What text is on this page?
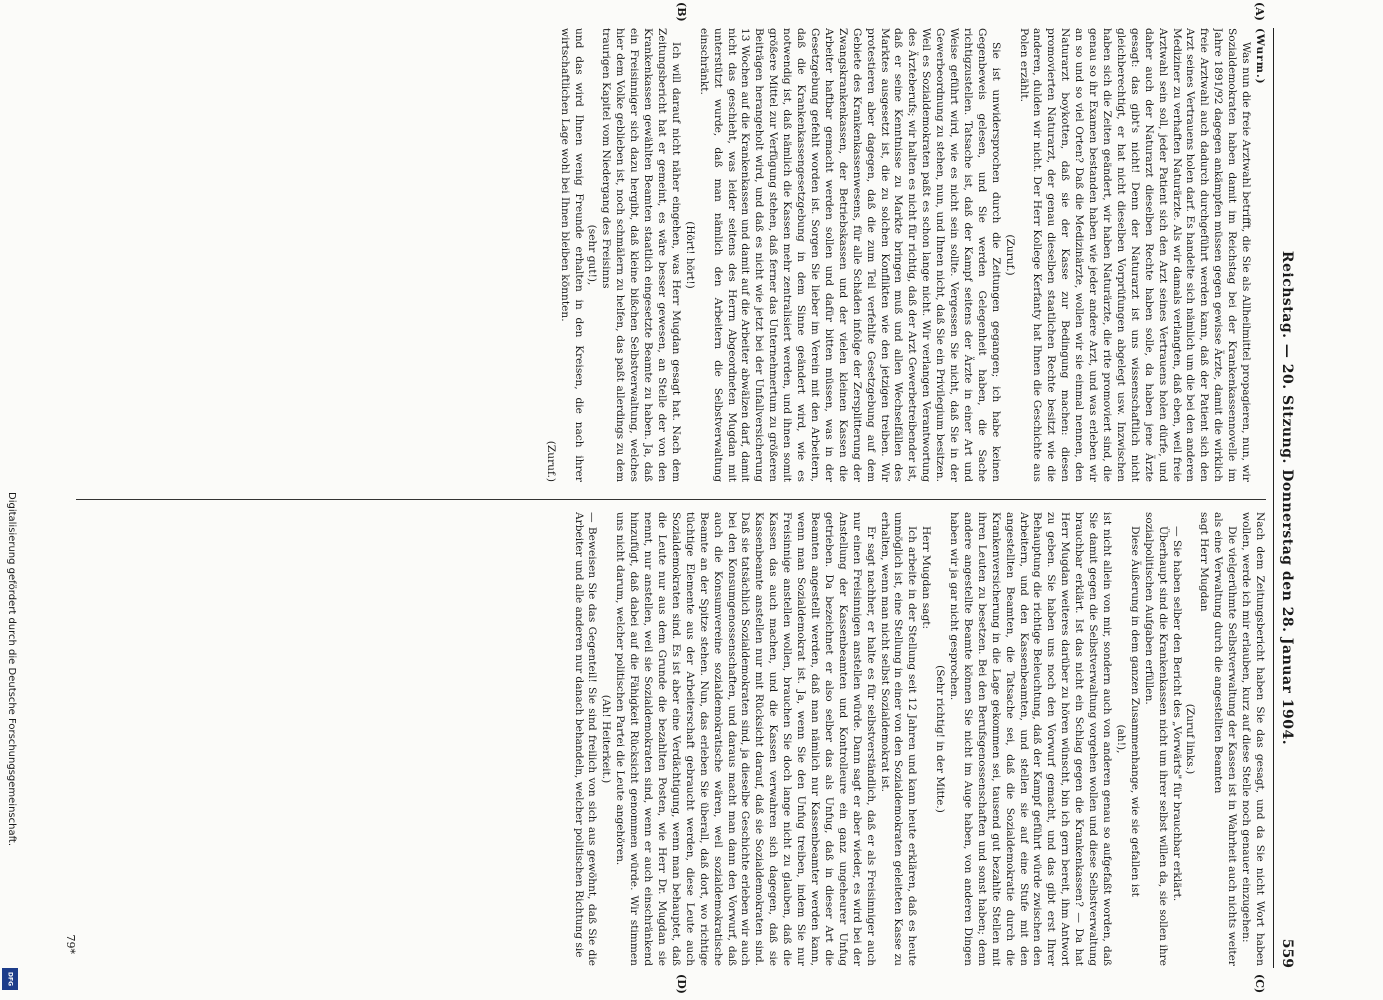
Digitalisierung gefördert durch die Deutsche Forschungsgemeinschaft.
DFG
Reichstag. — 20. Sitzung. Donnerstag den 28. Januar 1904.
559

(Wurm.)

Was nun die freie Arztwahl betrifft, die Sie als Allheilmittel propagieren, nun, wir Sozialdemokraten haben damit im Reichstag bei der Krankenkassennovelle im Jahre 1891/92 dagegen ankämpfen müssen gegen gewisse Ärzte, damit die wirklich freie Arztwahl auch dadurch durchgeführt werden kann, daß der Patient sich den Arzt seines Vertrauens holen darf. Es handelte sich nämlich um die bei den anderen Mediziner zu verhaften Naturärzte. Als wir damals verlangten, daß eben, weil freie Arztwahl sein soll, jeder Patient sich den Arzt seines Vertrauens holen dürfe, und daher auch der Naturarzt dieselben Rechte haben solle, da haben jene Ärzte gesagt: das gibt's nicht! Denn der Naturarzt ist uns wissenschaftlich nicht gleichberechtigt, er hat nicht dieselben Vorprüfungen abgelegt usw. Inzwischen haben sich die Zeiten geändert, wir haben Naturärzte, die rite promoviert sind, die genau so ihr Examen bestanden haben wie jeder andere Arzt, und was erleben wir an so und so viel Orten? Daß die Medizinärzte, wollen wir sie einmal nennen, den Naturarzt boykotten, daß sie der Kasse zur Bedingung machen: diesen promovierten Naturarzt, der genau dieselben staatlichen Rechte besitzt wie die anderen, dulden wir nicht. Der Herr Kollege Kerfanty hat Ihnen die Geschichte aus Polen erzählt.

(Zuruf.)

Sie ist unwidersprochen durch die Zeitungen gegangen; ich habe keinen Gegenbeweis gelesen, und Sie werden Gelegenheit haben, die Sache richtigzustellen. Tatsache ist, daß der Kampf seitens der Ärzte in einer Art und Weise geführt wird, wie es nicht sein sollte. Vergessen Sie nicht, daß Sie in der Gewerbeordnung zu stehen, nun, und Ihnen nicht, daß Sie ein Privilegium besitzen. Weil es Sozialdemokraten paßt es schon lange nicht. Wir verlangen Verantwortung des Ärzteberufs; wir halten es nicht für richtig, daß der Arzt Gewerbetreibender ist, daß er seine Kenntnisse zu Markte bringen muß und allen Wechselfällen des Marktes ausgesetzt ist, die zu solchen Konflikten wie den jetzigen treiben. Wir protestieren aber dagegen, daß die zum Teil verfehlte Gesetzgebung auf dem Gebiete des Krankenkassenwesens, für alle Schäden infolge der Zersplitterung der Zwangskrankenkassen, der Betriebskassen und der vielen kleinen Kassen die Arbeiter haftbar gemacht werden sollen und dafür bitten müssen, was in der Gesetzgebung gefehlt worden ist. Sorgen Sie lieber im Verein mit den Arbeitern, daß die Krankenkassengesetzgebung in dem Sinne geändert wird, wie es notwendig ist, daß nämlich die Kassen mehr zentralisiert werden, und ihnen somit größere Mittel zur Verfügung stehen, daß ferner das Unternehmertum zu größeren Beiträgen herangeholt wird, und daß es nicht wie jetzt bei der Unfallversicherung 13 Wochen auf die Krankenkassen und damit auf die Arbeiter abwälzen darf, damit nicht das geschieht, was leider seitens des Herrn Abgeordneten Mugdan mit unterstützt wurde, daß man nämlich den Arbeitern die Selbstverwaltung einschränkt.

(Hört! hört!)

Ich will darauf nicht näher eingehen, was Herr Mugdan gesagt hat. Nach dem Zeitungsbericht hat er gemeint, es wäre besser gewesen, an Stelle der von den Krankenkassen gewählten Beamten staatlich eingesetzte Beamte zu haben. Ja, daß ein Freisinniger sich dazu hergibt, daß kleine bißchen Selbstverwaltung, welches hier dem Volke geblieben ist, noch schmälern zu helfen, das paßt allerdings zu dem traurigen Kapitel vom Niedergang des Freisinns

(sehr gut!),

und das wird Ihnen wenig Freunde erhalten in den Kreisen, die nach ihrer wirtschaftlichen Lage wohl bei Ihnen bleiben könnten.

(Zuruf.)

Nach dem Zeitungsbericht haben Sie das gesagt, und da Sie nicht Wort haben wollen, werde ich mir erlauben, kurz auf diese Stelle noch genauer einzugehen:

Die vielgerühmte Selbstverwaltung der Kassen ist in Wahrheit auch nichts weiter als eine Verwaltung durch die angestellten Beamten

sagt Herr Mugdan

(Zuruf links.)

— Sie haben selber den Bericht des „Vorwärts" für brauchbar erklärt.

Überhaupt sind die Krankenkassen nicht um ihrer selbst willen da, sie sollen ihre sozialpolitischen Aufgaben erfüllen.

Diese Äußerung in dem ganzen Zusammenhange, wie sie gefallen ist

(ah!),

ist nicht allein von mir, sondern auch von anderen genau so aufgefaßt worden, daß Sie damit gegen die Selbstverwaltung vorgehen wollen und diese Selbstverwaltung brauchbar erklärt. Ist das nicht ein Schlag gegen die Krankenkassen? — Da hat Herr Mugdan weiteres darüber zu hören wünscht, bin ich gern bereit, ihm Antwort zu geben. Sie haben uns noch den Vorwurf gemacht, und das gibt erst Ihrer Behauptung die richtige Beleuchtung, daß der Kampf geführt würde zwischen den Arbeitern, und den Kassenbeamten, und stellen sie auf eine Stufe mit den angestellten Beamten, die Tatsache sei, daß die Sozialdemokratie durch die Krankenversicherung in die Lage gekommen sei, tausend gut bezahlte Stellen mit ihren Leuten zu besetzen. Bei den Berufsgenossenschaften und sonst haben; denn andere angestellte Beamte können Sie nicht im Auge haben, von anderen Dingen haben wir ja gar nicht gesprochen.

(Sehr richtig! in der Mitte.)

Herr Mugdan sagt:

Ich arbeite in der Stellung seit 12 Jahren und kann heute erklären, daß es heute unmöglich ist, eine Stellung in einer von den Sozialdemokraten geleiteten Kasse zu erhalten, wenn man nicht selbst Sozialdemokrat ist.

Er sagt nachher, er halte es für selbstverständlich, daß er als Freisinniger auch nur einen Freisinnigen anstellen würde. Dann sagt er aber wieder, es wird bei der Anstellung der Kassenbeamten und Kontrolleure ein ganz ungeheurer Unfug getrieben. Da bezeichnet er also selber das als Unfug, daß in dieser Art die Beamten angestellt werden, daß man nämlich nur Kassenbeamter werden kann, wenn man Sozialdemokrat ist. Ja, wenn Sie den Unfug treiben, indem Sie nur Freisinnige anstellen wollen, brauchen Sie doch lange nicht zu glauben, daß die Kassen das auch machen, und die Kassen verwahren sich dagegen, daß sie Kassenbeamte anstellen nur mit Rücksicht darauf, daß sie Sozialdemokraten sind. Daß sie tatsächlich Sozialdemokraten sind, ja dieselbe Geschichte erleben wir auch bei den Konsumgenossenschaften, und daraus macht man dann den Vorwurf, daß auch die Konsumvereine sozialdemokratische wären, weil sozialdemokratische Beamte an der Spitze stehen. Nun, das erleben Sie überall, daß dort, wo richtige tüchtige Elemente aus der Arbeiterschaft gebraucht werden, diese Leute auch Sozialdemokraten sind. Es ist aber eine Verdächtigung, wenn man behauptet, daß die Leute nur aus dem Grunde die bezahlten Posten, wie Herr Dr. Mugdan sie nennt, nur anstellen, weil sie Sozialdemokraten sind, wenn er auch einschränkend hinzufügt, daß dabei auf die Fähigkeit Rücksicht genommen würde. Wir stimmen uns nicht darum, welcher politischen Partei die Leute angehören.

(Ah! Heiterkeit.)

— Beweisen Sie das Gegenteil! Sie sind freilich von sich aus gewöhnt, daß Sie die Arbeiter und alle anderen nur danach behandeln, welcher politischen Richtung sie

(A)
(B)
(C)
(D)
79*
